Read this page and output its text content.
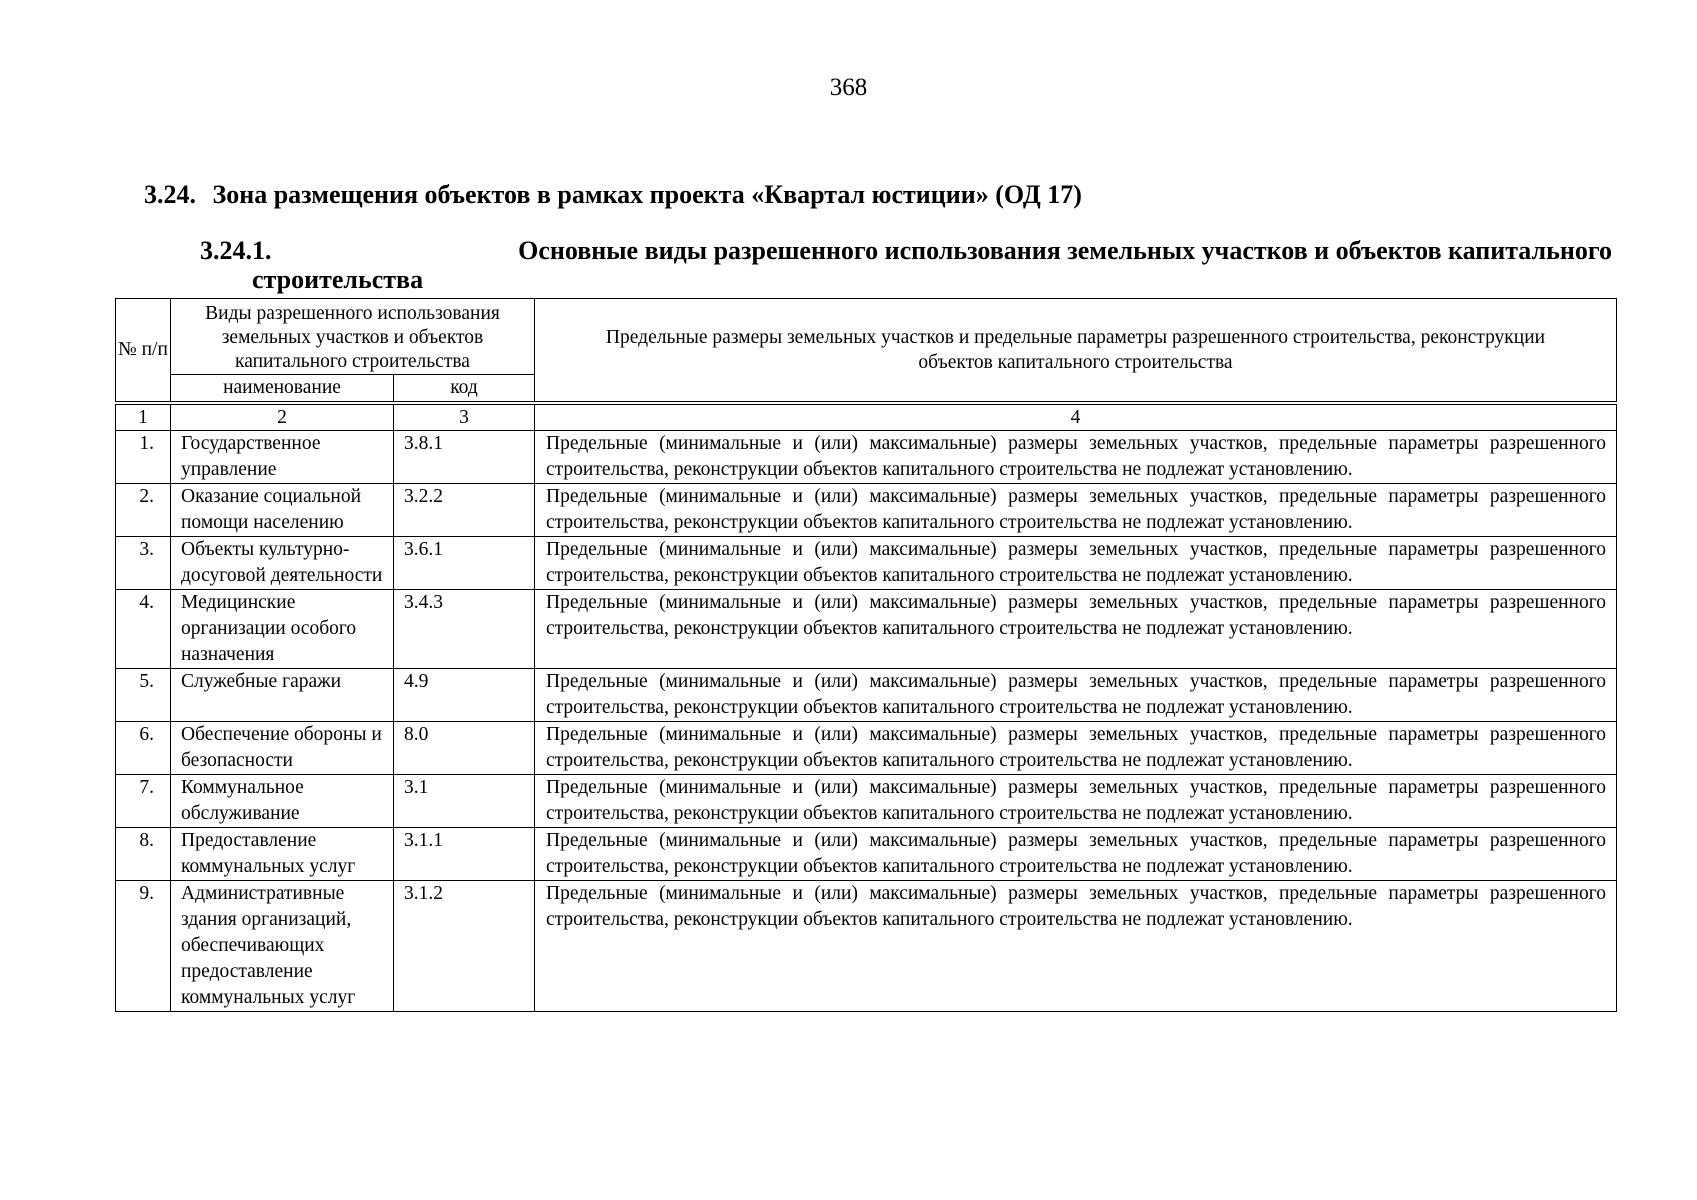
368
3.24. Зона размещения объектов в рамках проекта «Квартал юстиции» (ОД 17)
3.24.1.	Основные виды разрешенного использования земельных участков и объектов капитального
строительства
№ п/п	Виды разрешенного использования земельных участков и объектов капитального строительства		Предельные размеры земельных участков и предельные параметры разрешенного строительства, реконструкции объектов капитального строительства
	наименование	код	

1	2	3	4
1.	Государственное управление	3.8.1	Предельные (минимальные и (или) максимальные) размеры земельных участков, предельные параметры разрешенного строительства, реконструкции объектов капитального строительства не подлежат установлению.
2.	Оказание социальной помощи населению	3.2.2	Предельные (минимальные и (или) максимальные) размеры земельных участков, предельные параметры разрешенного строительства, реконструкции объектов капитального строительства не подлежат установлению.
3.	Объекты культурно-досуговой деятельности	3.6.1	Предельные (минимальные и (или) максимальные) размеры земельных участков, предельные параметры разрешенного строительства, реконструкции объектов капитального строительства не подлежат установлению.
4.	Медицинские организации особого назначения	3.4.3	Предельные (минимальные и (или) максимальные) размеры земельных участков, предельные параметры разрешенного строительства, реконструкции объектов капитального строительства не подлежат установлению.
5.	Служебные гаражи	4.9	Предельные (минимальные и (или) максимальные) размеры земельных участков, предельные параметры разрешенного строительства, реконструкции объектов капитального строительства не подлежат установлению.
6.	Обеспечение обороны и безопасности	8.0	Предельные (минимальные и (или) максимальные) размеры земельных участков, предельные параметры разрешенного строительства, реконструкции объектов капитального строительства не подлежат установлению.
7.	Коммунальное обслуживание	3.1	Предельные (минимальные и (или) максимальные) размеры земельных участков, предельные параметры разрешенного строительства, реконструкции объектов капитального строительства не подлежат установлению.
8.	Предоставление коммунальных услуг	3.1.1	Предельные (минимальные и (или) максимальные) размеры земельных участков, предельные параметры разрешенного строительства, реконструкции объектов капитального строительства не подлежат установлению.
9.	Административные здания организаций, обеспечивающих предоставление коммунальных услуг	3.1.2	Предельные (минимальные и (или) максимальные) размеры земельных участков, предельные параметры разрешенного строительства, реконструкции объектов капитального строительства не подлежат установлению.
